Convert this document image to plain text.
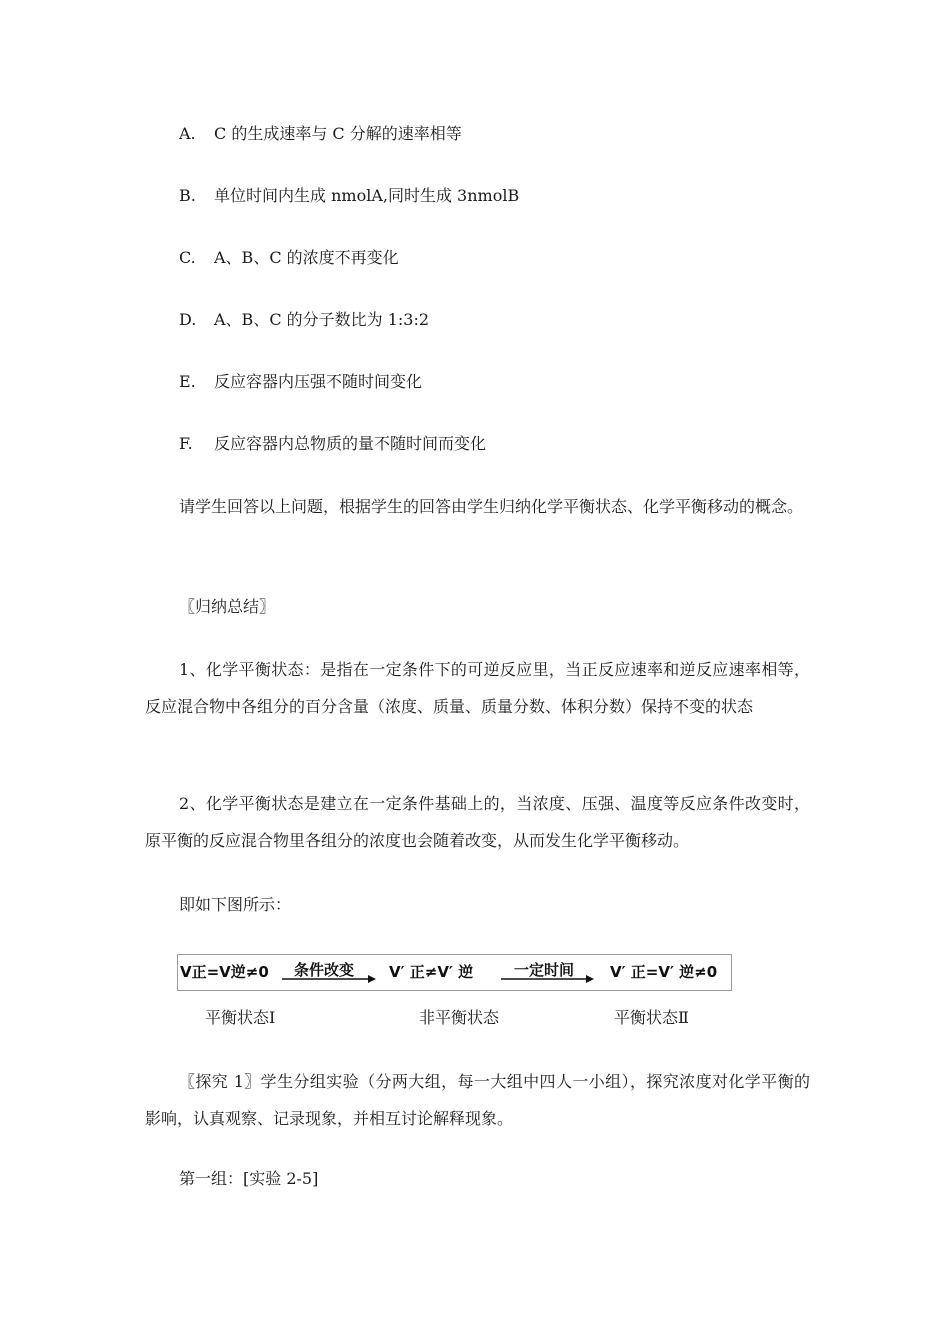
A. C 的生成速率与 C 分解的速率相等
B. 单位时间内生成 nmolA,同时生成 3nmolB
C. A、B、C 的浓度不再变化
D. A、B、C 的分子数比为 1:3:2
E. 反应容器内压强不随时间变化
F. 反应容器内总物质的量不随时间而变化

请学生回答以上问题，根据学生的回答由学生归纳化学平衡状态、化学平衡移动的概念。

〖归纳总结〗

1、化学平衡状态：是指在一定条件下的可逆反应里，当正反应速率和逆反应速率相等，反应混合物中各组分的百分含量（浓度、质量、质量分数、体积分数）保持不变的状态

2、化学平衡状态是建立在一定条件基础上的，当浓度、压强、温度等反应条件改变时，原平衡的反应混合物里各组分的浓度也会随着改变，从而发生化学平衡移动。

即如下图所示：
V正=V逆≠0 条件改变 V′ 正≠V′ 逆	一定时间 V′ 正=V′ 逆≠0
平衡状态Ⅰ	非平衡状态	平衡状态Ⅱ

〖探究 1〗学生分组实验（分两大组，每一大组中四人一小组），探究浓度对化学平衡的影响，认真观察、记录现象，并相互讨论解释现象。

第一组：[实验 2-5]
